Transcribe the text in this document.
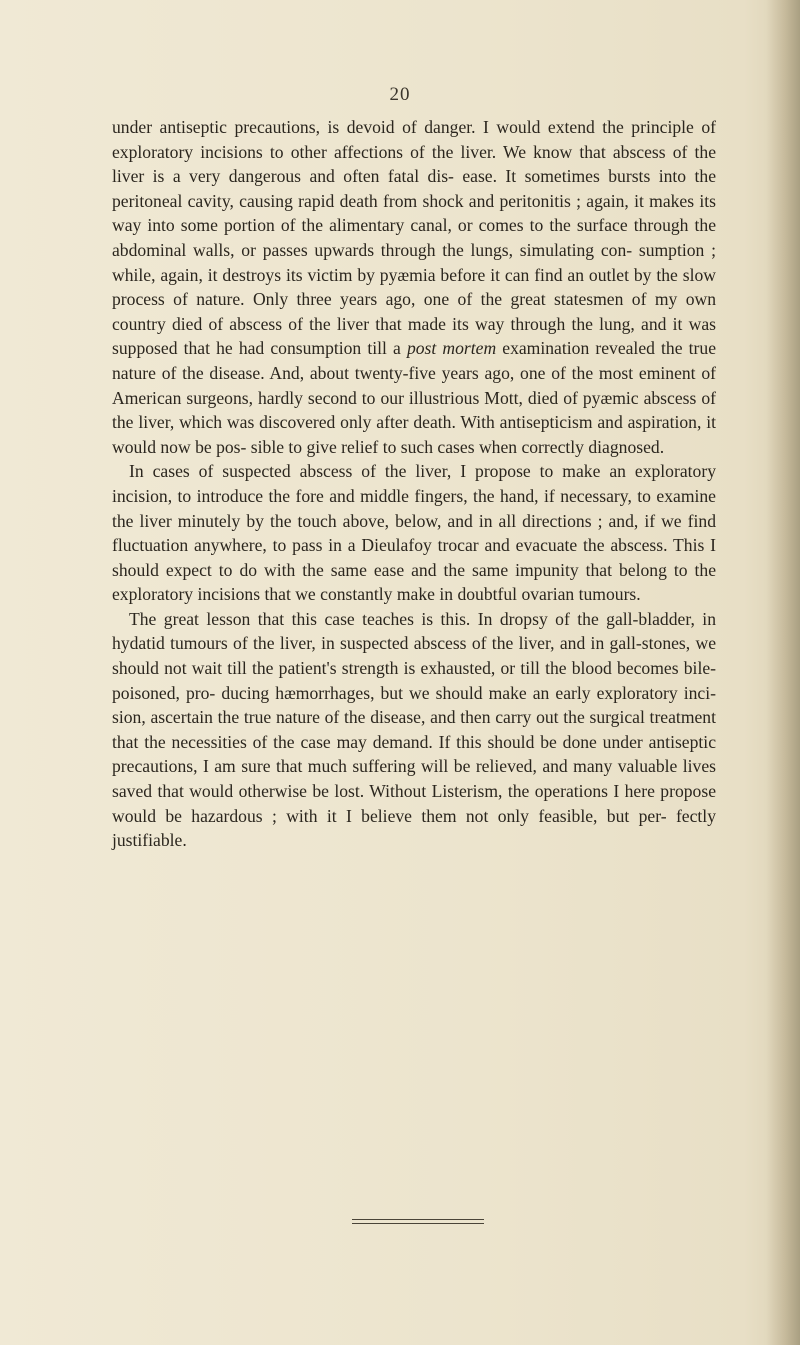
20

under antiseptic precautions, is devoid of danger. I would extend the principle of exploratory incisions to other affections of the liver. We know that abscess of the liver is a very dangerous and often fatal dis- ease. It sometimes bursts into the peritoneal cavity, causing rapid death from shock and peritonitis ; again, it makes its way into some portion of the alimentary canal, or comes to the surface through the abdominal walls, or passes upwards through the lungs, simulating con- sumption ; while, again, it destroys its victim by pyæmia before it can find an outlet by the slow process of nature. Only three years ago, one of the great statesmen of my own country died of abscess of the liver that made its way through the lung, and it was supposed that he had consumption till a post mortem examination revealed the true nature of the disease. And, about twenty-five years ago, one of the most eminent of American surgeons, hardly second to our illustrious Mott, died of pyæmic abscess of the liver, which was discovered only after death. With antisepticism and aspiration, it would now be pos- sible to give relief to such cases when correctly diagnosed.

In cases of suspected abscess of the liver, I propose to make an exploratory incision, to introduce the fore and middle fingers, the hand, if necessary, to examine the liver minutely by the touch above, below, and in all directions ; and, if we find fluctuation anywhere, to pass in a Dieulafoy trocar and evacuate the abscess. This I should expect to do with the same ease and the same impunity that belong to the exploratory incisions that we constantly make in doubtful ovarian tumours.

The great lesson that this case teaches is this. In dropsy of the gall-bladder, in hydatid tumours of the liver, in suspected abscess of the liver, and in gall-stones, we should not wait till the patient's strength is exhausted, or till the blood becomes bile-poisoned, pro- ducing hæmorrhages, but we should make an early exploratory inci- sion, ascertain the true nature of the disease, and then carry out the surgical treatment that the necessities of the case may demand. If this should be done under antiseptic precautions, I am sure that much suffering will be relieved, and many valuable lives saved that would otherwise be lost. Without Listerism, the operations I here propose would be hazardous ; with it I believe them not only feasible, but per- fectly justifiable.
